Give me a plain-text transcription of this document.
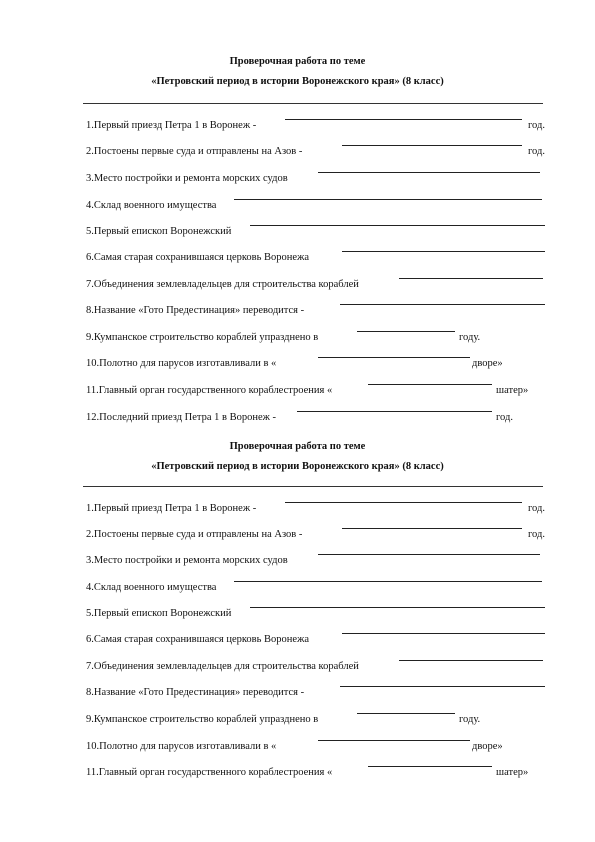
Проверочная работа по теме
«Петровский период в истории Воронежского края» (8 класс)
1.Первый приезд Петра 1 в Воронеж -	год.
2.Постоены первые суда и отправлены на Азов -	год.
3.Место постройки и ремонта морских судов
4.Склад военного имущества
5.Первый епископ Воронежский
6.Самая старая сохранившаяся церковь Воронежа
7.Объединения землевладельцев для строительства кораблей
8.Название «Гото Предестинация» переводится -
9.Кумпанское строительство кораблей упразднено в	году.
10.Полотно для парусов изготавливали в «	дворе»
11.Главный орган государственного кораблестроения «	шатер»
12.Последний приезд Петра 1 в Воронеж -	год.
Проверочная работа по теме
«Петровский период в истории Воронежского края» (8 класс)
1.Первый приезд Петра 1 в Воронеж -	год.
2.Постоены первые суда и отправлены на Азов -	год.
3.Место постройки и ремонта морских судов
4.Склад военного имущества
5.Первый епископ Воронежский
6.Самая старая сохранившаяся церковь Воронежа
7.Объединения землевладельцев для строительства кораблей
8.Название «Гото Предестинация» переводится -
9.Кумпанское строительство кораблей упразднено в	году.
10.Полотно для парусов изготавливали в «	дворе»
11.Главный орган государственного кораблестроения «	шатер»
